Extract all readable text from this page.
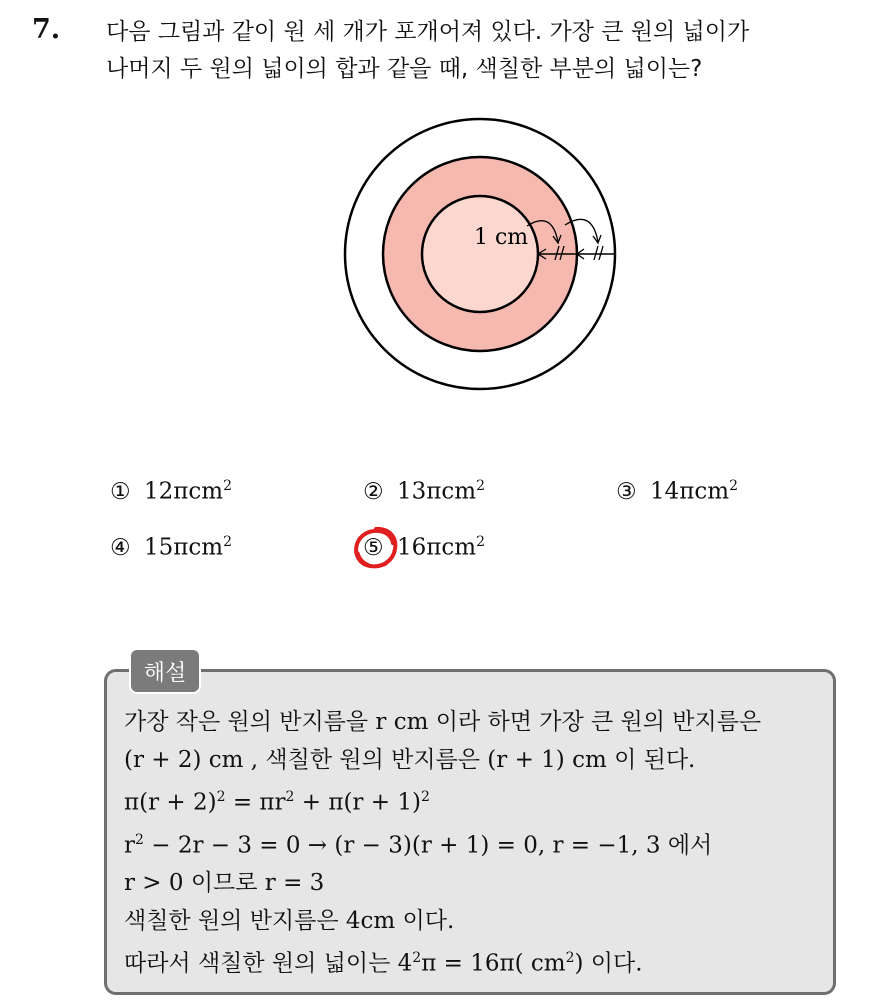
7. 다음 그림과 같이 원 세 개가 포개어져 있다. 가장 큰 원의 넓이가
나머지 두 원의 넓이의 합과 같을 때, 색칠한 부분의 넓이는?
1 cm
① 12πcm$^2$	② 13πcm$^2$	③ 14πcm$^2$
④ 15πcm$^2$	⑤ 16πcm$^2$
해설
가장 작은 원의 반지름을 r cm 이라 하면 가장 큰 원의 반지름은
(r + 2) cm , 색칠한 원의 반지름은 (r + 1) cm 이 된다.
$\pi(r + 2)^2 = \pi r^2 + \pi(r + 1)^2$
$r^2 - 2r - 3 = 0 \to (r - 3)(r + 1) = 0$, r = −1, 3 에서
r > 0 이므로 r = 3
색칠한 원의 반지름은 4cm 이다.
따라서 색칠한 원의 넓이는 $4^2\pi = 16\pi$( $cm^2$) 이다.
